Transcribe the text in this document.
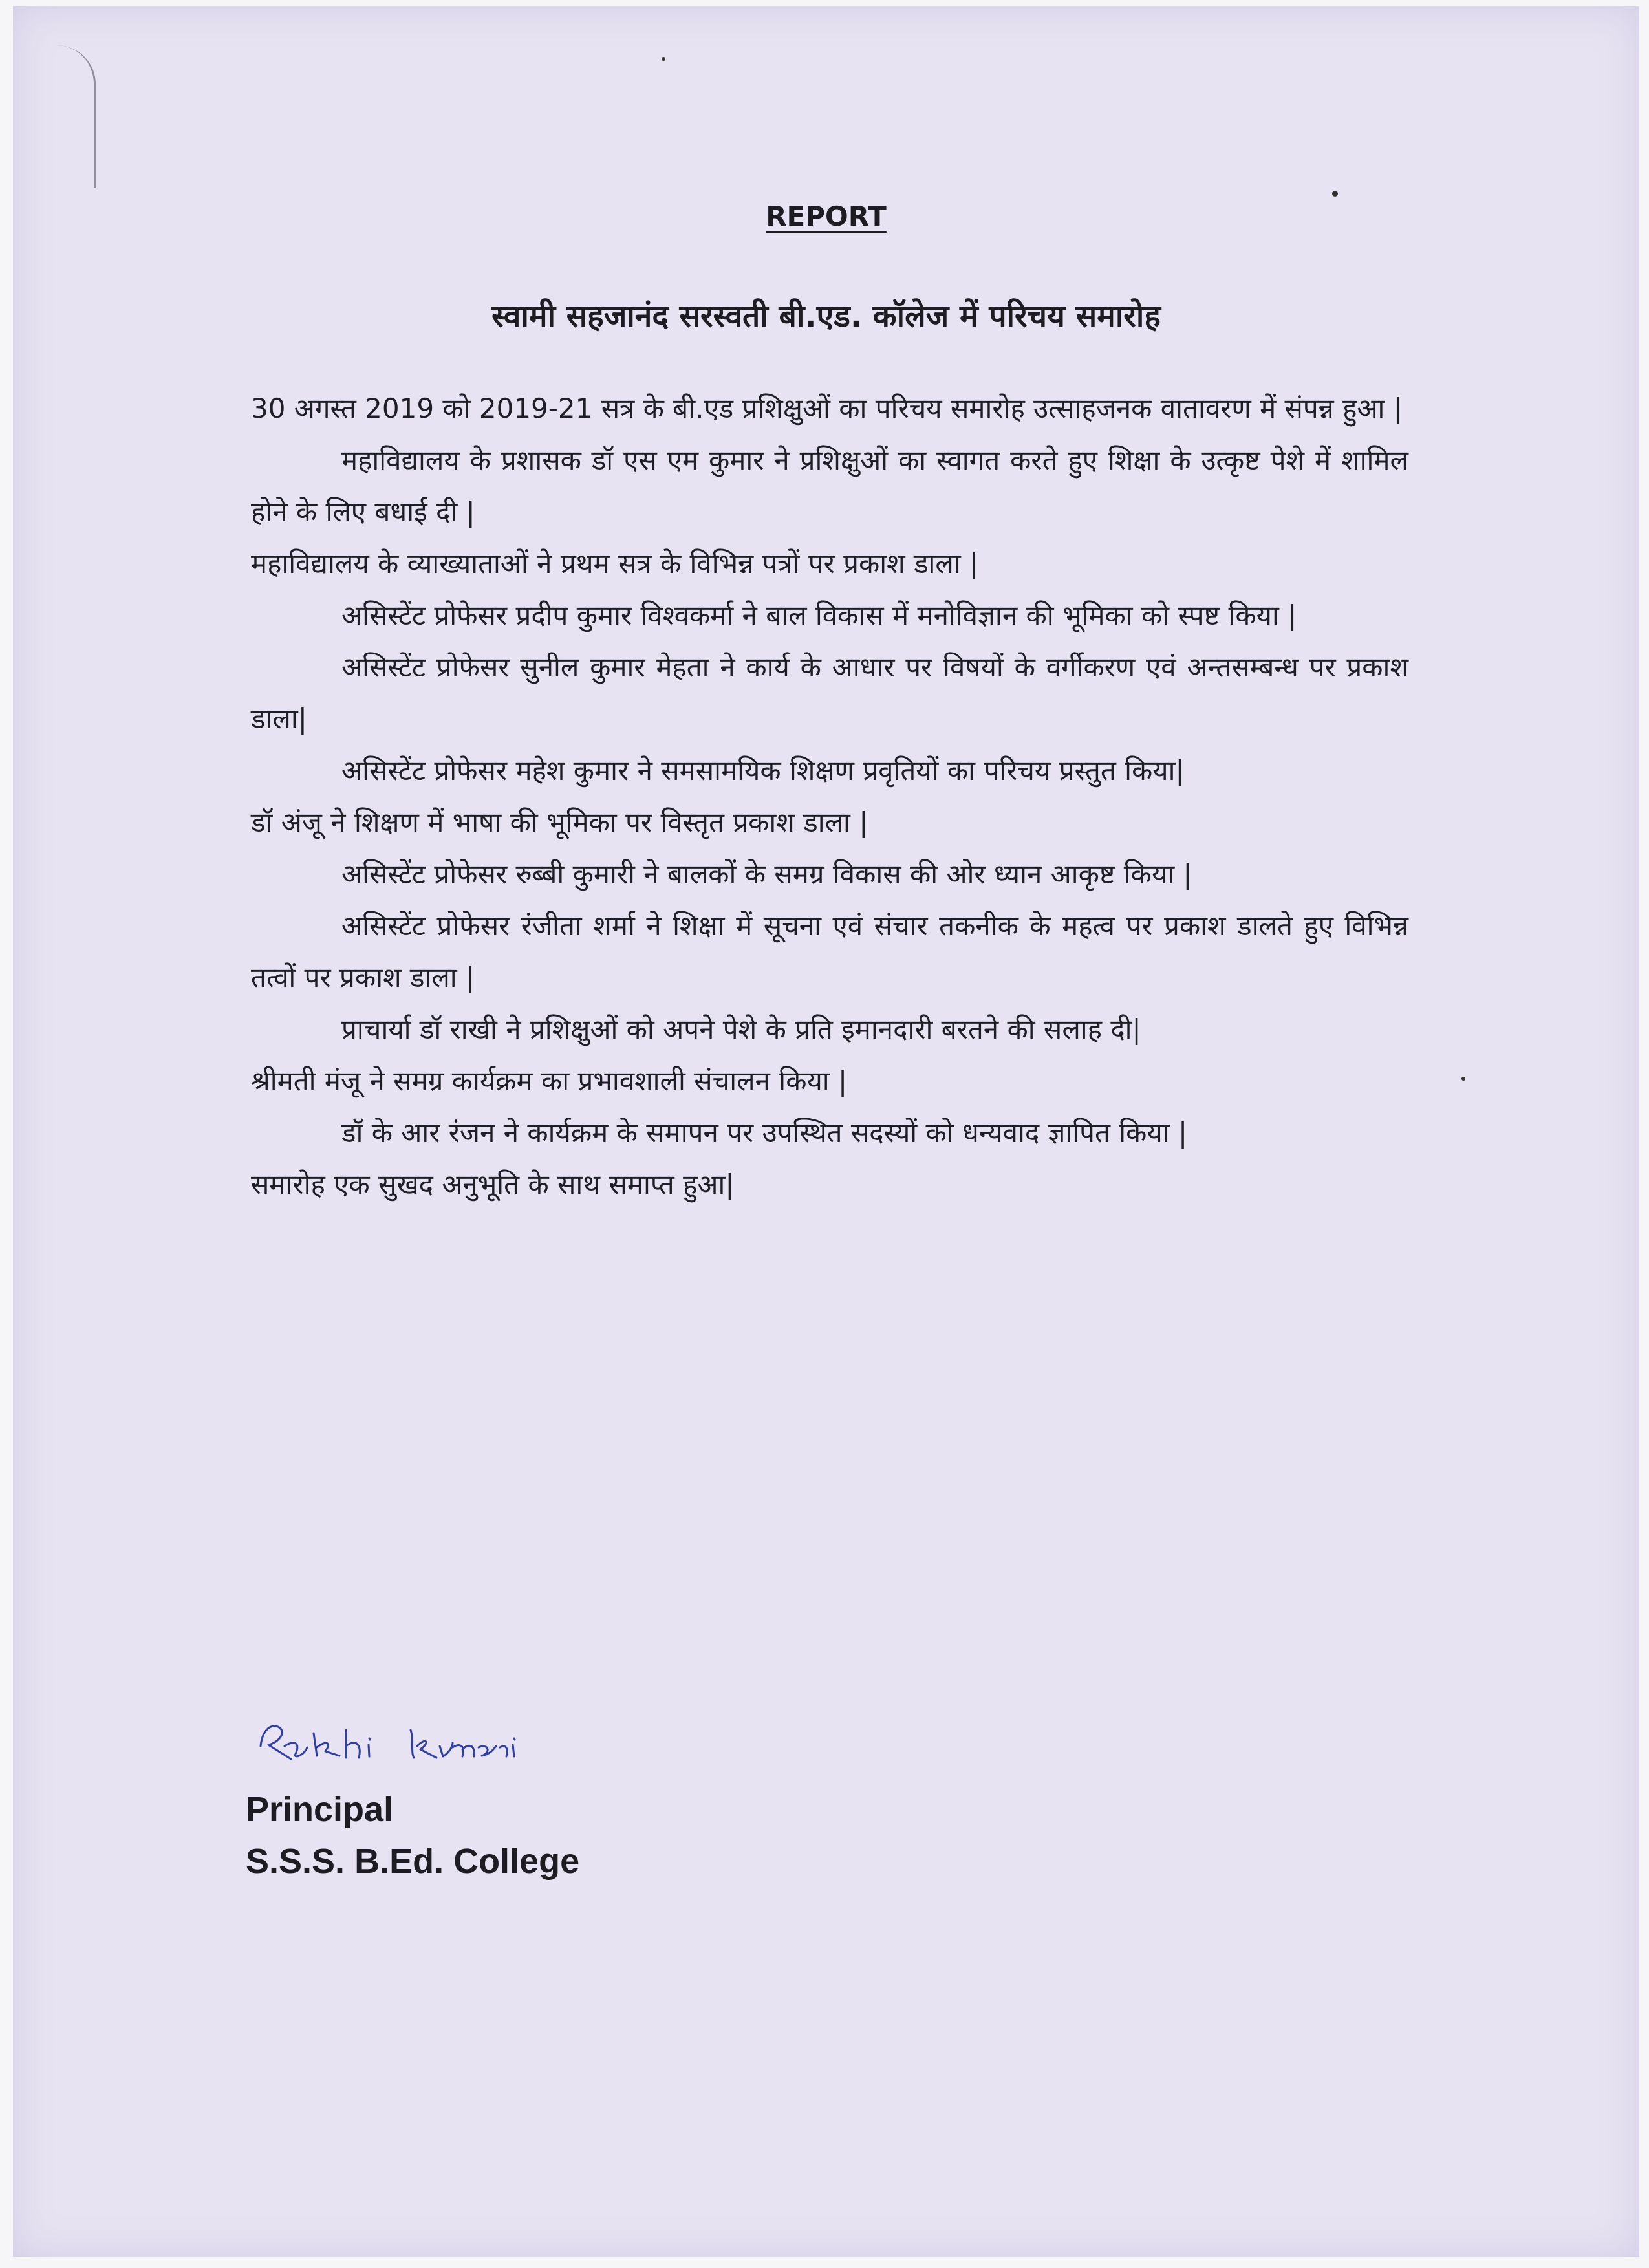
REPORT
स्वामी सहजानंद सरस्वती बी.एड. कॉलेज में परिचय समारोह

30 अगस्त 2019 को 2019-21 सत्र के बी.एड प्रशिक्षुओं का परिचय समारोह उत्साहजनक वातावरण में संपन्न हुआ |

महाविद्यालय के प्रशासक डॉ एस एम कुमार ने प्रशिक्षुओं का स्वागत करते हुए शिक्षा के उत्कृष्ट पेशे में शामिल होने के लिए बधाई दी |

महाविद्यालय के व्याख्याताओं ने प्रथम सत्र के विभिन्न पत्रों पर प्रकाश डाला |

असिस्टेंट प्रोफेसर प्रदीप कुमार विश्वकर्मा ने बाल विकास में मनोविज्ञान की भूमिका को स्पष्ट किया |

असिस्टेंट प्रोफेसर सुनील कुमार मेहता ने कार्य के आधार पर विषयों के वर्गीकरण एवं अन्तसम्बन्ध पर प्रकाश डाला|

असिस्टेंट प्रोफेसर महेश कुमार ने समसामयिक शिक्षण प्रवृतियों का परिचय प्रस्तुत किया|

डॉ अंजू ने शिक्षण में भाषा की भूमिका पर विस्तृत प्रकाश डाला |

असिस्टेंट प्रोफेसर रुब्बी कुमारी ने बालकों के समग्र विकास की ओर ध्यान आकृष्ट किया |

असिस्टेंट प्रोफेसर रंजीता शर्मा ने शिक्षा में सूचना एवं संचार तकनीक के महत्व पर प्रकाश डालते हुए विभिन्न तत्वों पर प्रकाश डाला |

प्राचार्या डॉ राखी ने प्रशिक्षुओं को अपने पेशे के प्रति इमानदारी बरतने की सलाह दी|

श्रीमती मंजू ने समग्र कार्यक्रम का प्रभावशाली संचालन किया |

डॉ के आर रंजन ने कार्यक्रम के समापन पर उपस्थित सदस्यों को धन्यवाद ज्ञापित किया |

समारोह एक सुखद अनुभूति के साथ समाप्त हुआ|

Principal
S.S.S. B.Ed. College
